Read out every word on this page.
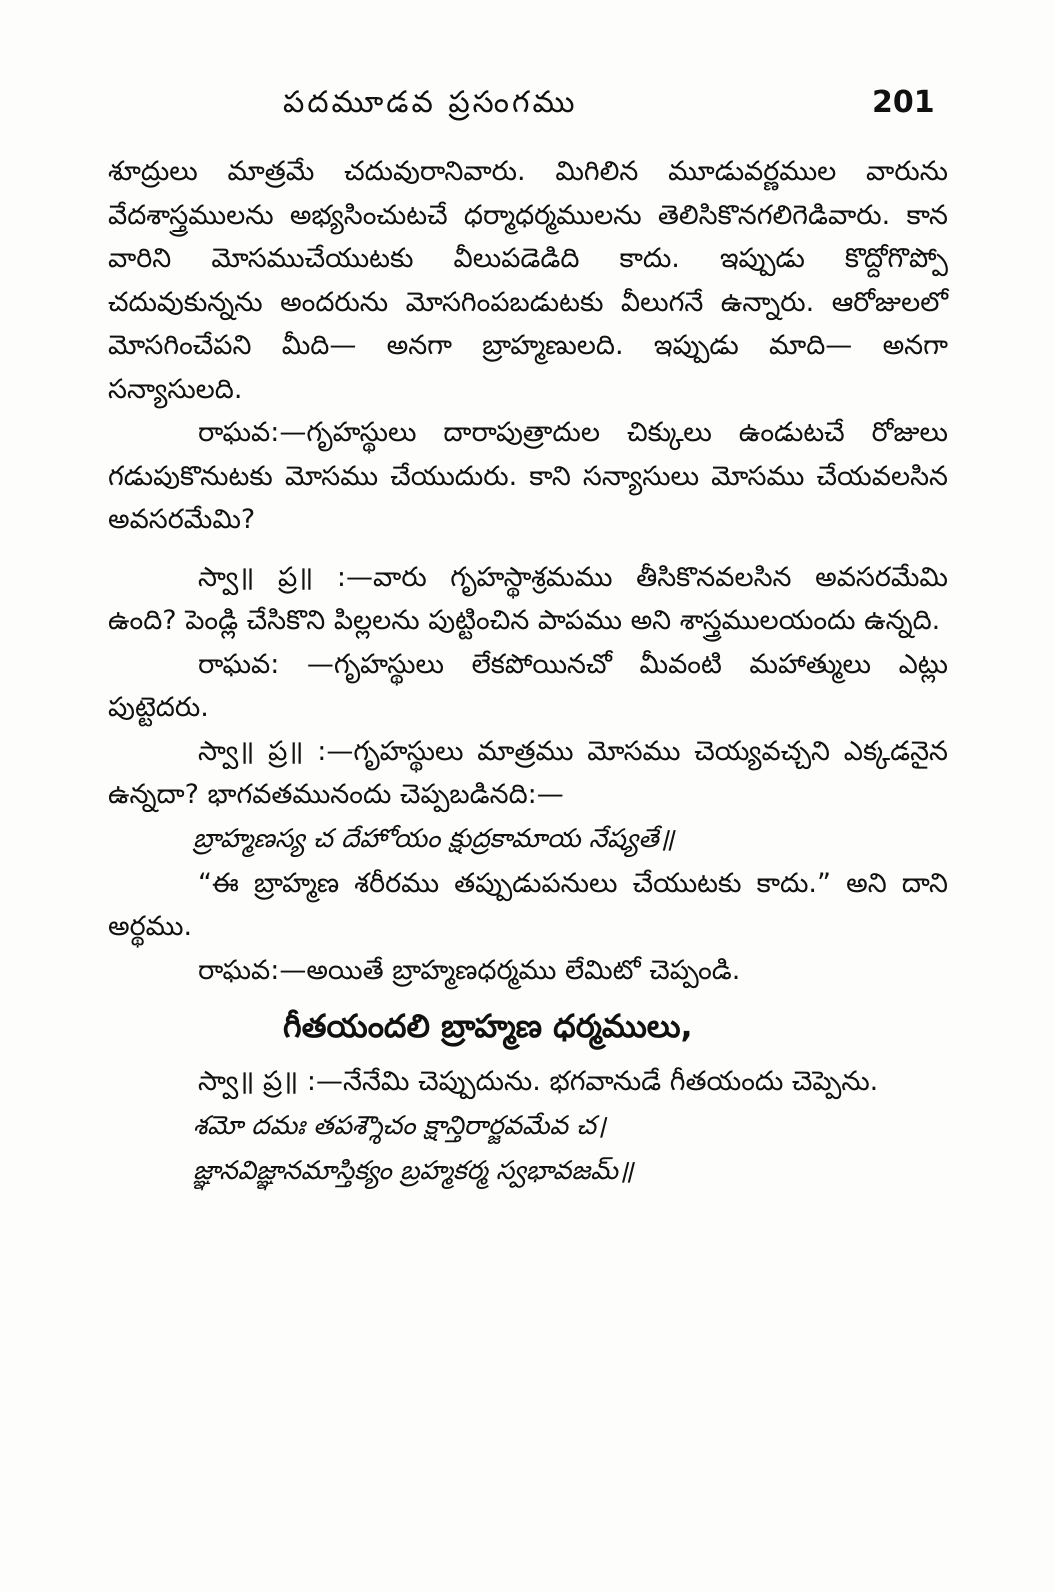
పదమూడవ ప్రసంగము	201

శూద్రులు మాత్రమే చదువురానివారు. మిగిలిన మూడువర్ణముల వారును వేదశాస్త్రములను అభ్యసించుటచే ధర్మాధర్మములను తెలిసికొనగలిగెడివారు. కాన వారిని మోసముచేయుటకు వీలుపడెడిది కాదు. ఇప్పుడు కొద్దోగొప్పో చదువుకున్నను అందరును మోసగింపబడుటకు వీలుగనే ఉన్నారు. ఆరోజులలో మోసగించేపని మీది— అనగా బ్రాహ్మణులది. ఇప్పుడు మాది— అనగా సన్యాసులది.

రాఘవ:—గృహస్థులు దారాపుత్రాదుల చిక్కులు ఉండుటచే రోజులు గడుపుకొనుటకు మోసము చేయుదురు. కాని సన్యాసులు మోసము చేయవలసిన అవసరమేమి?

స్వా॥ ప్ర॥ :—వారు గృహస్థాశ్రమము తీసికొనవలసిన అవసరమేమి ఉంది? పెండ్లి చేసికొని పిల్లలను పుట్టించిన పాపము అని శాస్త్రములయందు ఉన్నది.

రాఘవ: —గృహస్థులు లేకపోయినచో మీవంటి మహాత్ములు ఎట్లు పుట్టెదరు.

స్వా॥ ప్ర॥ :—గృహస్థులు మాత్రము మోసము చెయ్యవచ్చని ఎక్కడనైన ఉన్నదా? భాగవతమునందు చెప్పబడినది:—

బ్రాహ్మణస్య చ దేహోయం క్షుద్రకామాయ నేష్యతే॥

“ఈ బ్రాహ్మణ శరీరము తప్పుడుపనులు చేయుటకు కాదు.” అని దాని అర్థము.

రాఘవ:—అయితే బ్రాహ్మణధర్మము లేమిటో చెప్పండి.

గీతయందలి బ్రాహ్మణ ధర్మములు,

స్వా॥ ప్ర॥ :—నేనేమి చెప్పుదును. భగవానుడే గీతయందు చెప్పెను.

శమో దమః తపశ్శౌచం క్షాన్తిరార్జవమేవ చ।

జ్ఞానవిజ్ఞానమాస్తిక్యం బ్రహ్మకర్మ స్వభావజమ్॥
